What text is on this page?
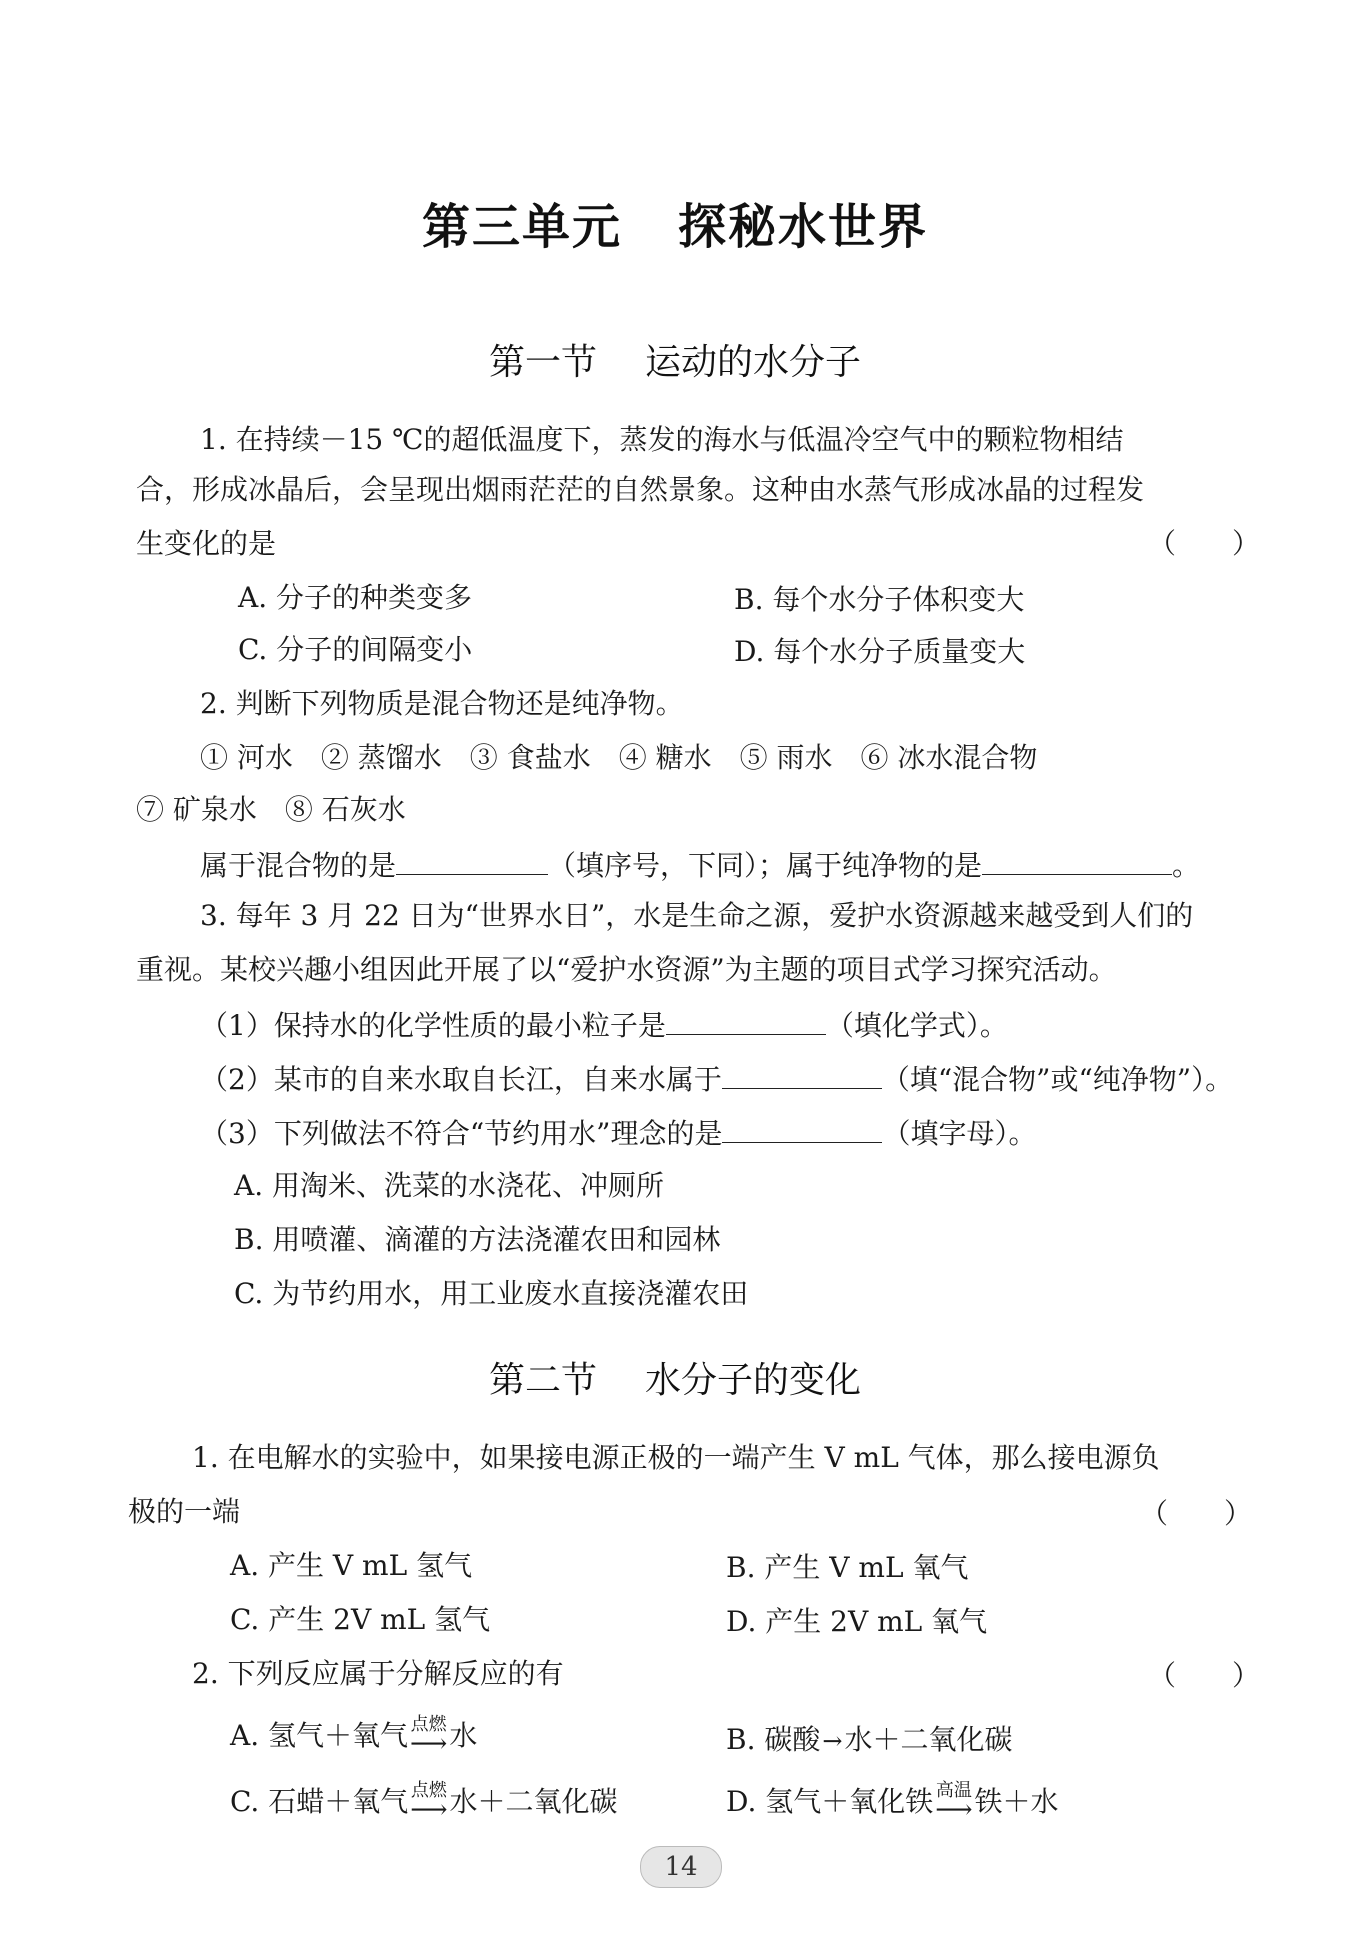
第三单元 探秘水世界
第一节 运动的水分子
1. 在持续－15 ℃的超低温度下，蒸发的海水与低温冷空气中的颗粒物相结
合，形成冰晶后，会呈现出烟雨茫茫的自然景象。这种由水蒸气形成冰晶的过程发
生变化的是	（　　）
A. 分子的种类变多	B. 每个水分子体积变大
C. 分子的间隔变小	D. 每个水分子质量变大
2. 判断下列物质是混合物还是纯净物。
① 河水　② 蒸馏水　③ 食盐水　④ 糖水　⑤ 雨水　⑥ 冰水混合物
⑦ 矿泉水　⑧ 石灰水
属于混合物的是	（填序号，下同）；属于纯净物的是	。
3. 每年 3 月 22 日为“世界水日”，水是生命之源，爱护水资源越来越受到人们的
重视。某校兴趣小组因此开展了以“爱护水资源”为主题的项目式学习探究活动。
（1）保持水的化学性质的最小粒子是	（填化学式）。
（2）某市的自来水取自长江，自来水属于	（填“混合物”或“纯净物”）。
（3）下列做法不符合“节约用水”理念的是	（填字母）。
A. 用淘米、洗菜的水浇花、冲厕所
B. 用喷灌、滴灌的方法浇灌农田和园林
C. 为节约用水，用工业废水直接浇灌农田
第二节 水分子的变化
1. 在电解水的实验中，如果接电源正极的一端产生 V mL 气体，那么接电源负
极的一端	（　　）
A. 产生 V mL 氢气	B. 产生 V mL 氧气
C. 产生 2V mL 氢气	D. 产生 2V mL 氧气
2. 下列反应属于分解反应的有	（　　）
A. 氢气＋氧气 点燃
⟶ 水	B. 碳酸→水＋二氧化碳
C. 石蜡＋氧气 点燃
⟶ 水＋二氧化碳	D. 氢气＋氧化铁 高温
⟶ 铁＋水
14
